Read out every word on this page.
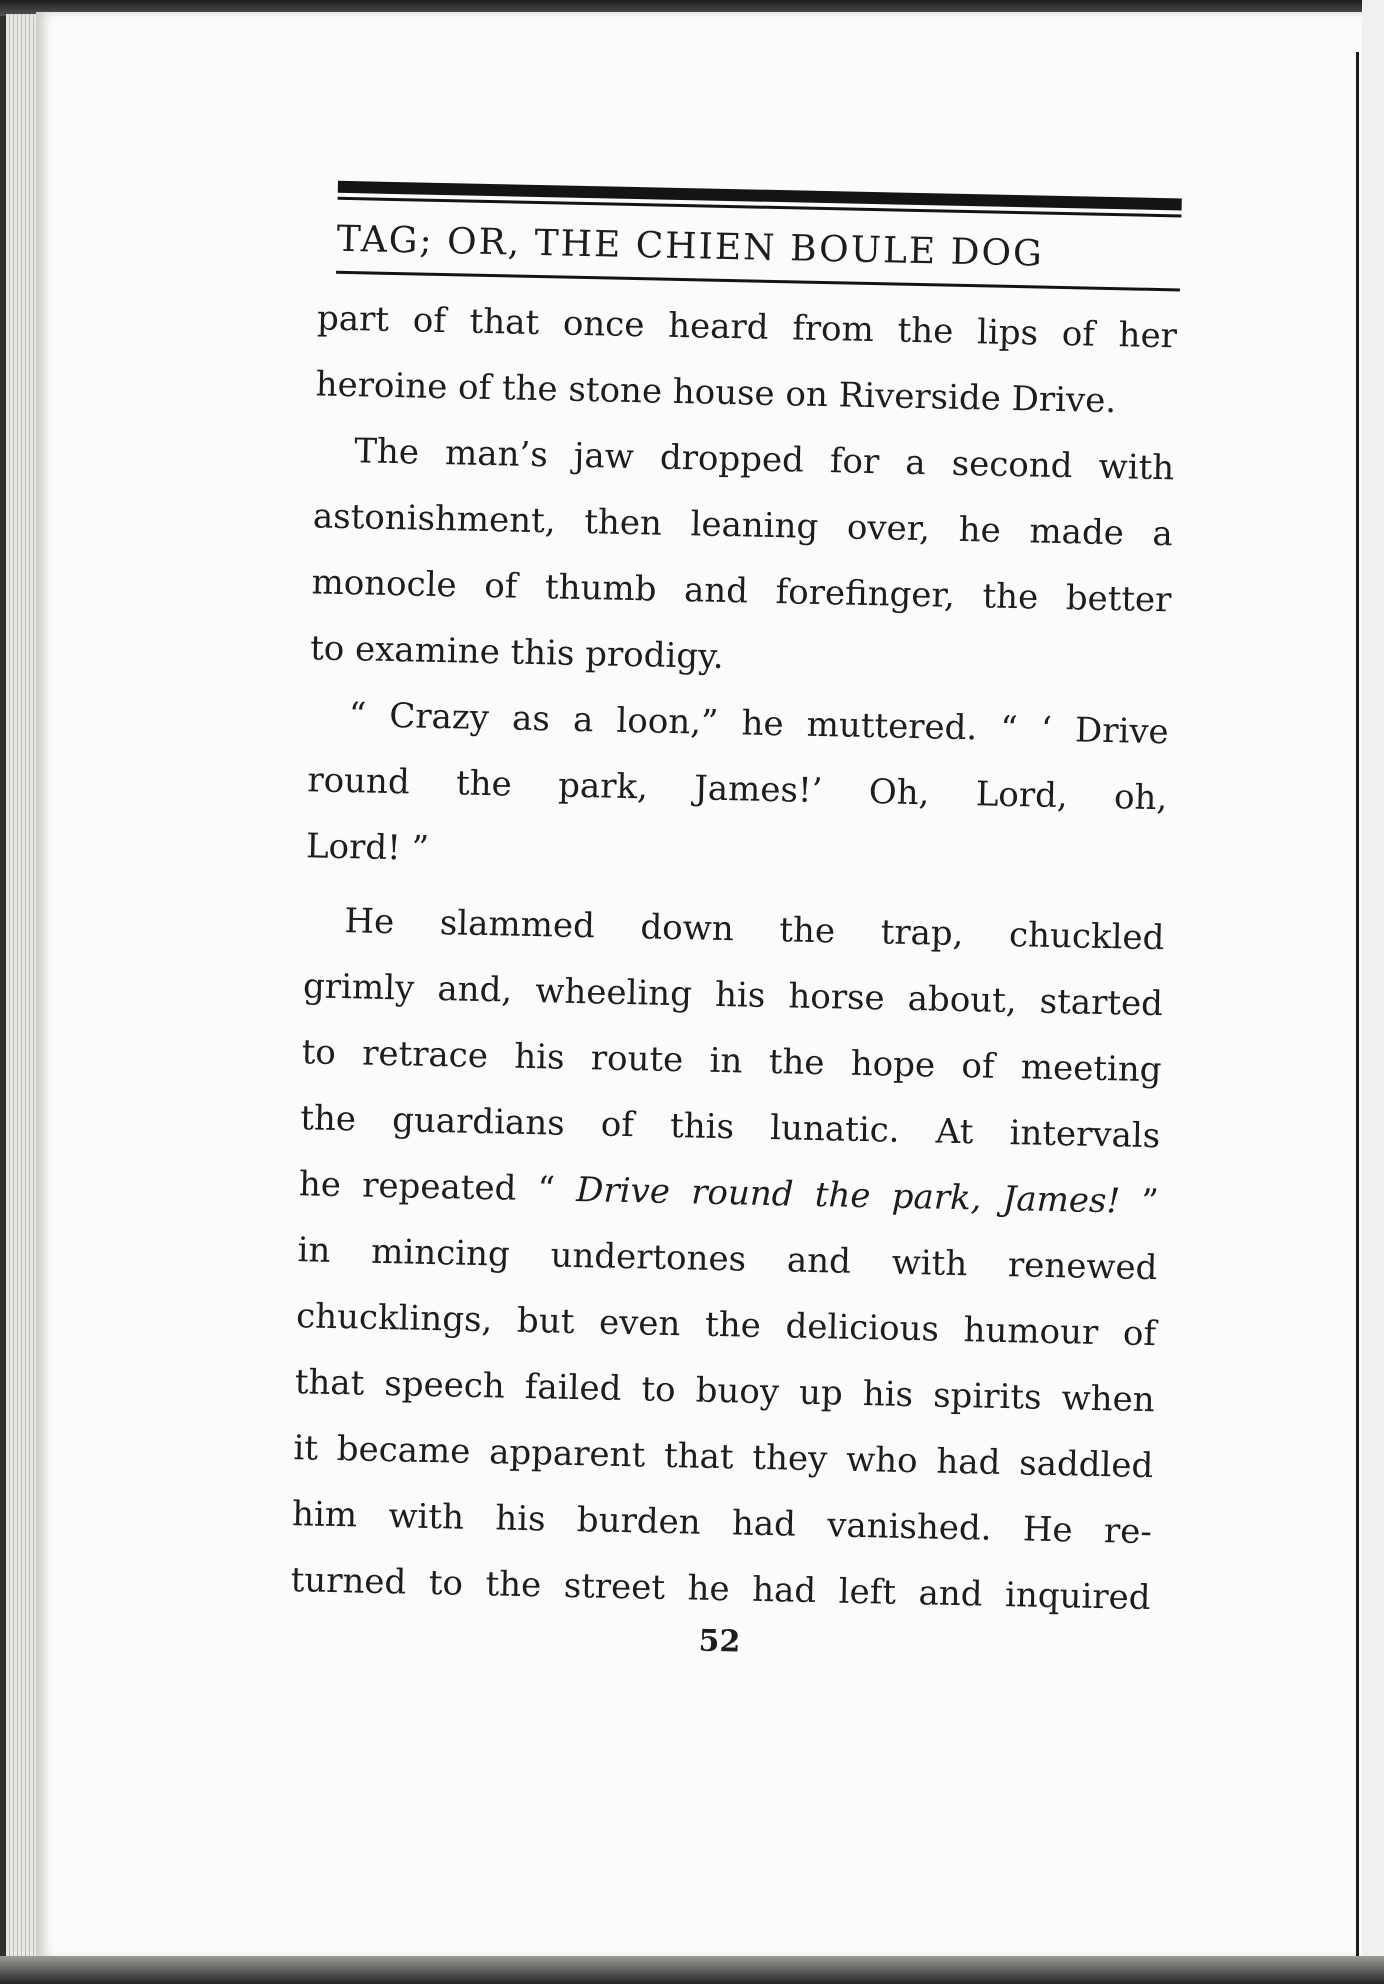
TAG; OR, THE CHIEN BOULE DOG
part of that once heard from the lips of her
heroine of the stone house on Riverside Drive.
The man’s jaw dropped for a second with
astonishment, then leaning over, he made a
monocle of thumb and forefinger, the better
to examine this prodigy.
“ Crazy as a loon,” he muttered. “ ‘ Drive
round the park, James!’ Oh, Lord, oh,
Lord! ”
He slammed down the trap, chuckled
grimly and, wheeling his horse about, started
to retrace his route in the hope of meeting
the guardians of this lunatic. At intervals
he repeated “ Drive round the park, James! ”
in mincing undertones and with renewed
chucklings, but even the delicious humour of
that speech failed to buoy up his spirits when
it became apparent that they who had saddled
him with his burden had vanished. He re-
turned to the street he had left and inquired
52
